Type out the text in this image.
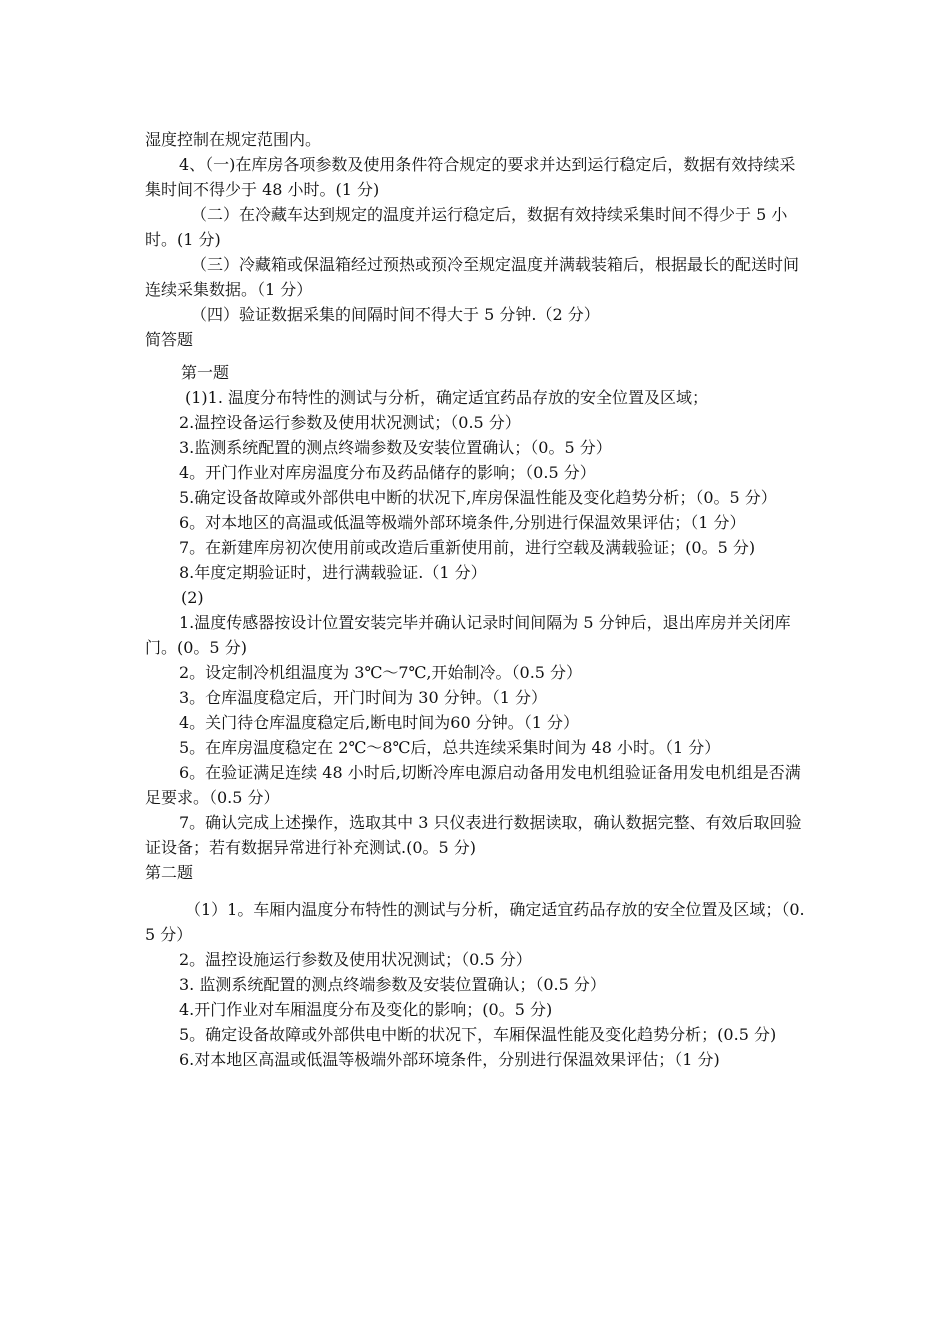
湿度控制在规定范围内。

4、（一)在库房各项参数及使用条件符合规定的要求并达到运行稳定后，数据有效持续采集时间不得少于 48 小时。(1 分)

（二）在冷藏车达到规定的温度并运行稳定后，数据有效持续采集时间不得少于 5 小时。(1 分)

（三）冷藏箱或保温箱经过预热或预冷至规定温度并满载装箱后，根据最长的配送时间连续采集数据。（1 分）

（四）验证数据采集的间隔时间不得大于 5 分钟.（2 分）

简答题

第一题

(1)1. 温度分布特性的测试与分析，确定适宜药品存放的安全位置及区域；

2.温控设备运行参数及使用状况测试；（0.5 分）

3.监测系统配置的测点终端参数及安装位置确认；（0。5 分）

4。开门作业对库房温度分布及药品储存的影响；（0.5 分）

5.确定设备故障或外部供电中断的状况下,库房保温性能及变化趋势分析；（0。5 分）

6。对本地区的高温或低温等极端外部环境条件,分别进行保温效果评估；（1 分）

7。在新建库房初次使用前或改造后重新使用前，进行空载及满载验证；(0。5 分)

8.年度定期验证时，进行满载验证.（1 分）

(2)

1.温度传感器按设计位置安装完毕并确认记录时间间隔为 5 分钟后，退出库房并关闭库门。(0。5 分)

2。设定制冷机组温度为 3℃～7℃,开始制冷。（0.5 分）

3。仓库温度稳定后，开门时间为 30 分钟。（1 分）

4。关门待仓库温度稳定后,断电时间为60 分钟。（1 分）

5。在库房温度稳定在 2℃～8℃后，总共连续采集时间为 48 小时。（1 分）

6。在验证满足连续 48 小时后,切断冷库电源启动备用发电机组验证备用发电机组是否满足要求。（0.5 分）

7。确认完成上述操作，选取其中 3 只仪表进行数据读取，确认数据完整、有效后取回验证设备；若有数据异常进行补充测试.(0。5 分)

第二题

（1）1。车厢内温度分布特性的测试与分析，确定适宜药品存放的安全位置及区域；（0.5 分）

2。温控设施运行参数及使用状况测试；（0.5 分）

3. 监测系统配置的测点终端参数及安装位置确认；（0.5 分）

4.开门作业对车厢温度分布及变化的影响；(0。5 分)

5。确定设备故障或外部供电中断的状况下，车厢保温性能及变化趋势分析；(0.5 分)

6.对本地区高温或低温等极端外部环境条件，分别进行保温效果评估；（1 分)
